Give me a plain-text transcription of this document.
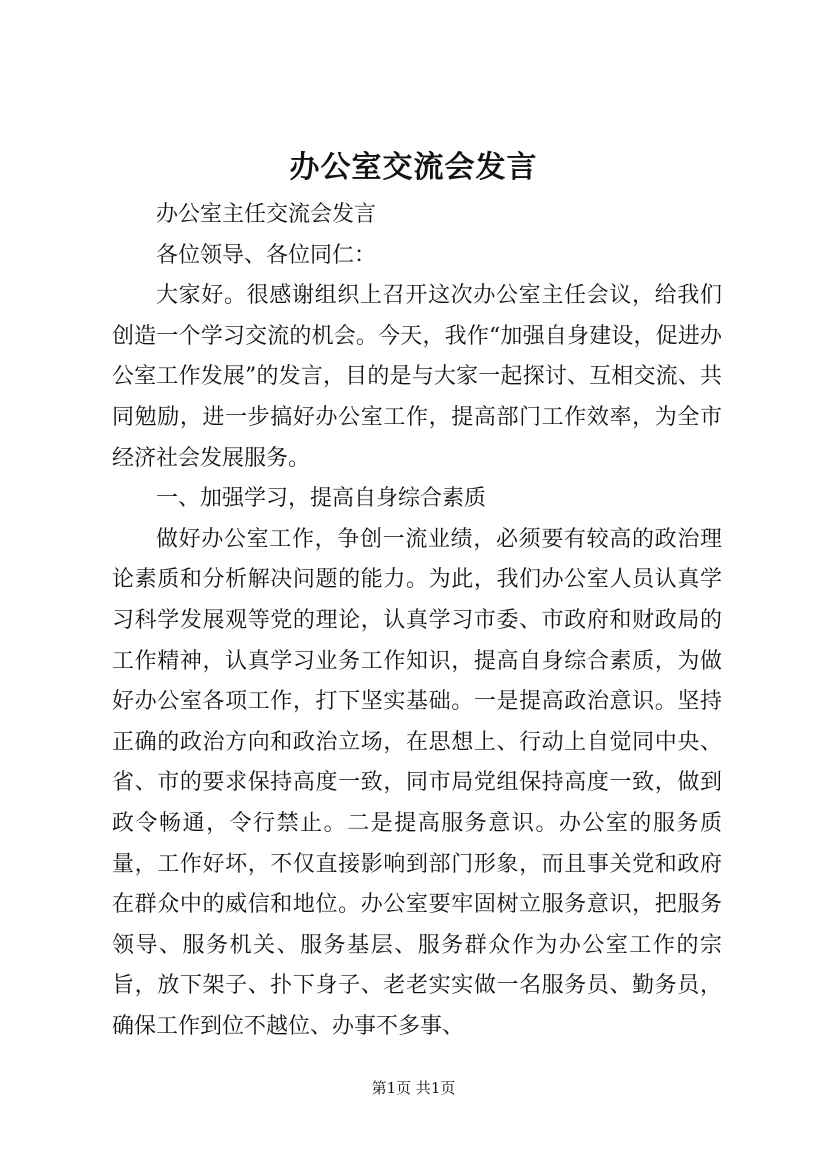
办公室交流会发言

办公室主任交流会发言

各位领导、各位同仁：

大家好。很感谢组织上召开这次办公室主任会议，给我们创造一个学习交流的机会。今天，我作“加强自身建设，促进办公室工作发展”的发言，目的是与大家一起探讨、互相交流、共同勉励，进一步搞好办公室工作，提高部门工作效率，为全市经济社会发展服务。

一、加强学习，提高自身综合素质

做好办公室工作，争创一流业绩，必须要有较高的政治理论素质和分析解决问题的能力。为此，我们办公室人员认真学习科学发展观等党的理论，认真学习市委、市政府和财政局的工作精神，认真学习业务工作知识，提高自身综合素质，为做好办公室各项工作，打下坚实基础。一是提高政治意识。坚持正确的政治方向和政治立场，在思想上、行动上自觉同中央、省、市的要求保持高度一致，同市局党组保持高度一致，做到政令畅通，令行禁止。二是提高服务意识。办公室的服务质量，工作好坏，不仅直接影响到部门形象，而且事关党和政府在群众中的威信和地位。办公室要牢固树立服务意识，把服务领导、服务机关、服务基层、服务群众作为办公室工作的宗旨，放下架子、扑下身子、老老实实做一名服务员、勤务员，确保工作到位不越位、办事不多事、

第1页 共1页
